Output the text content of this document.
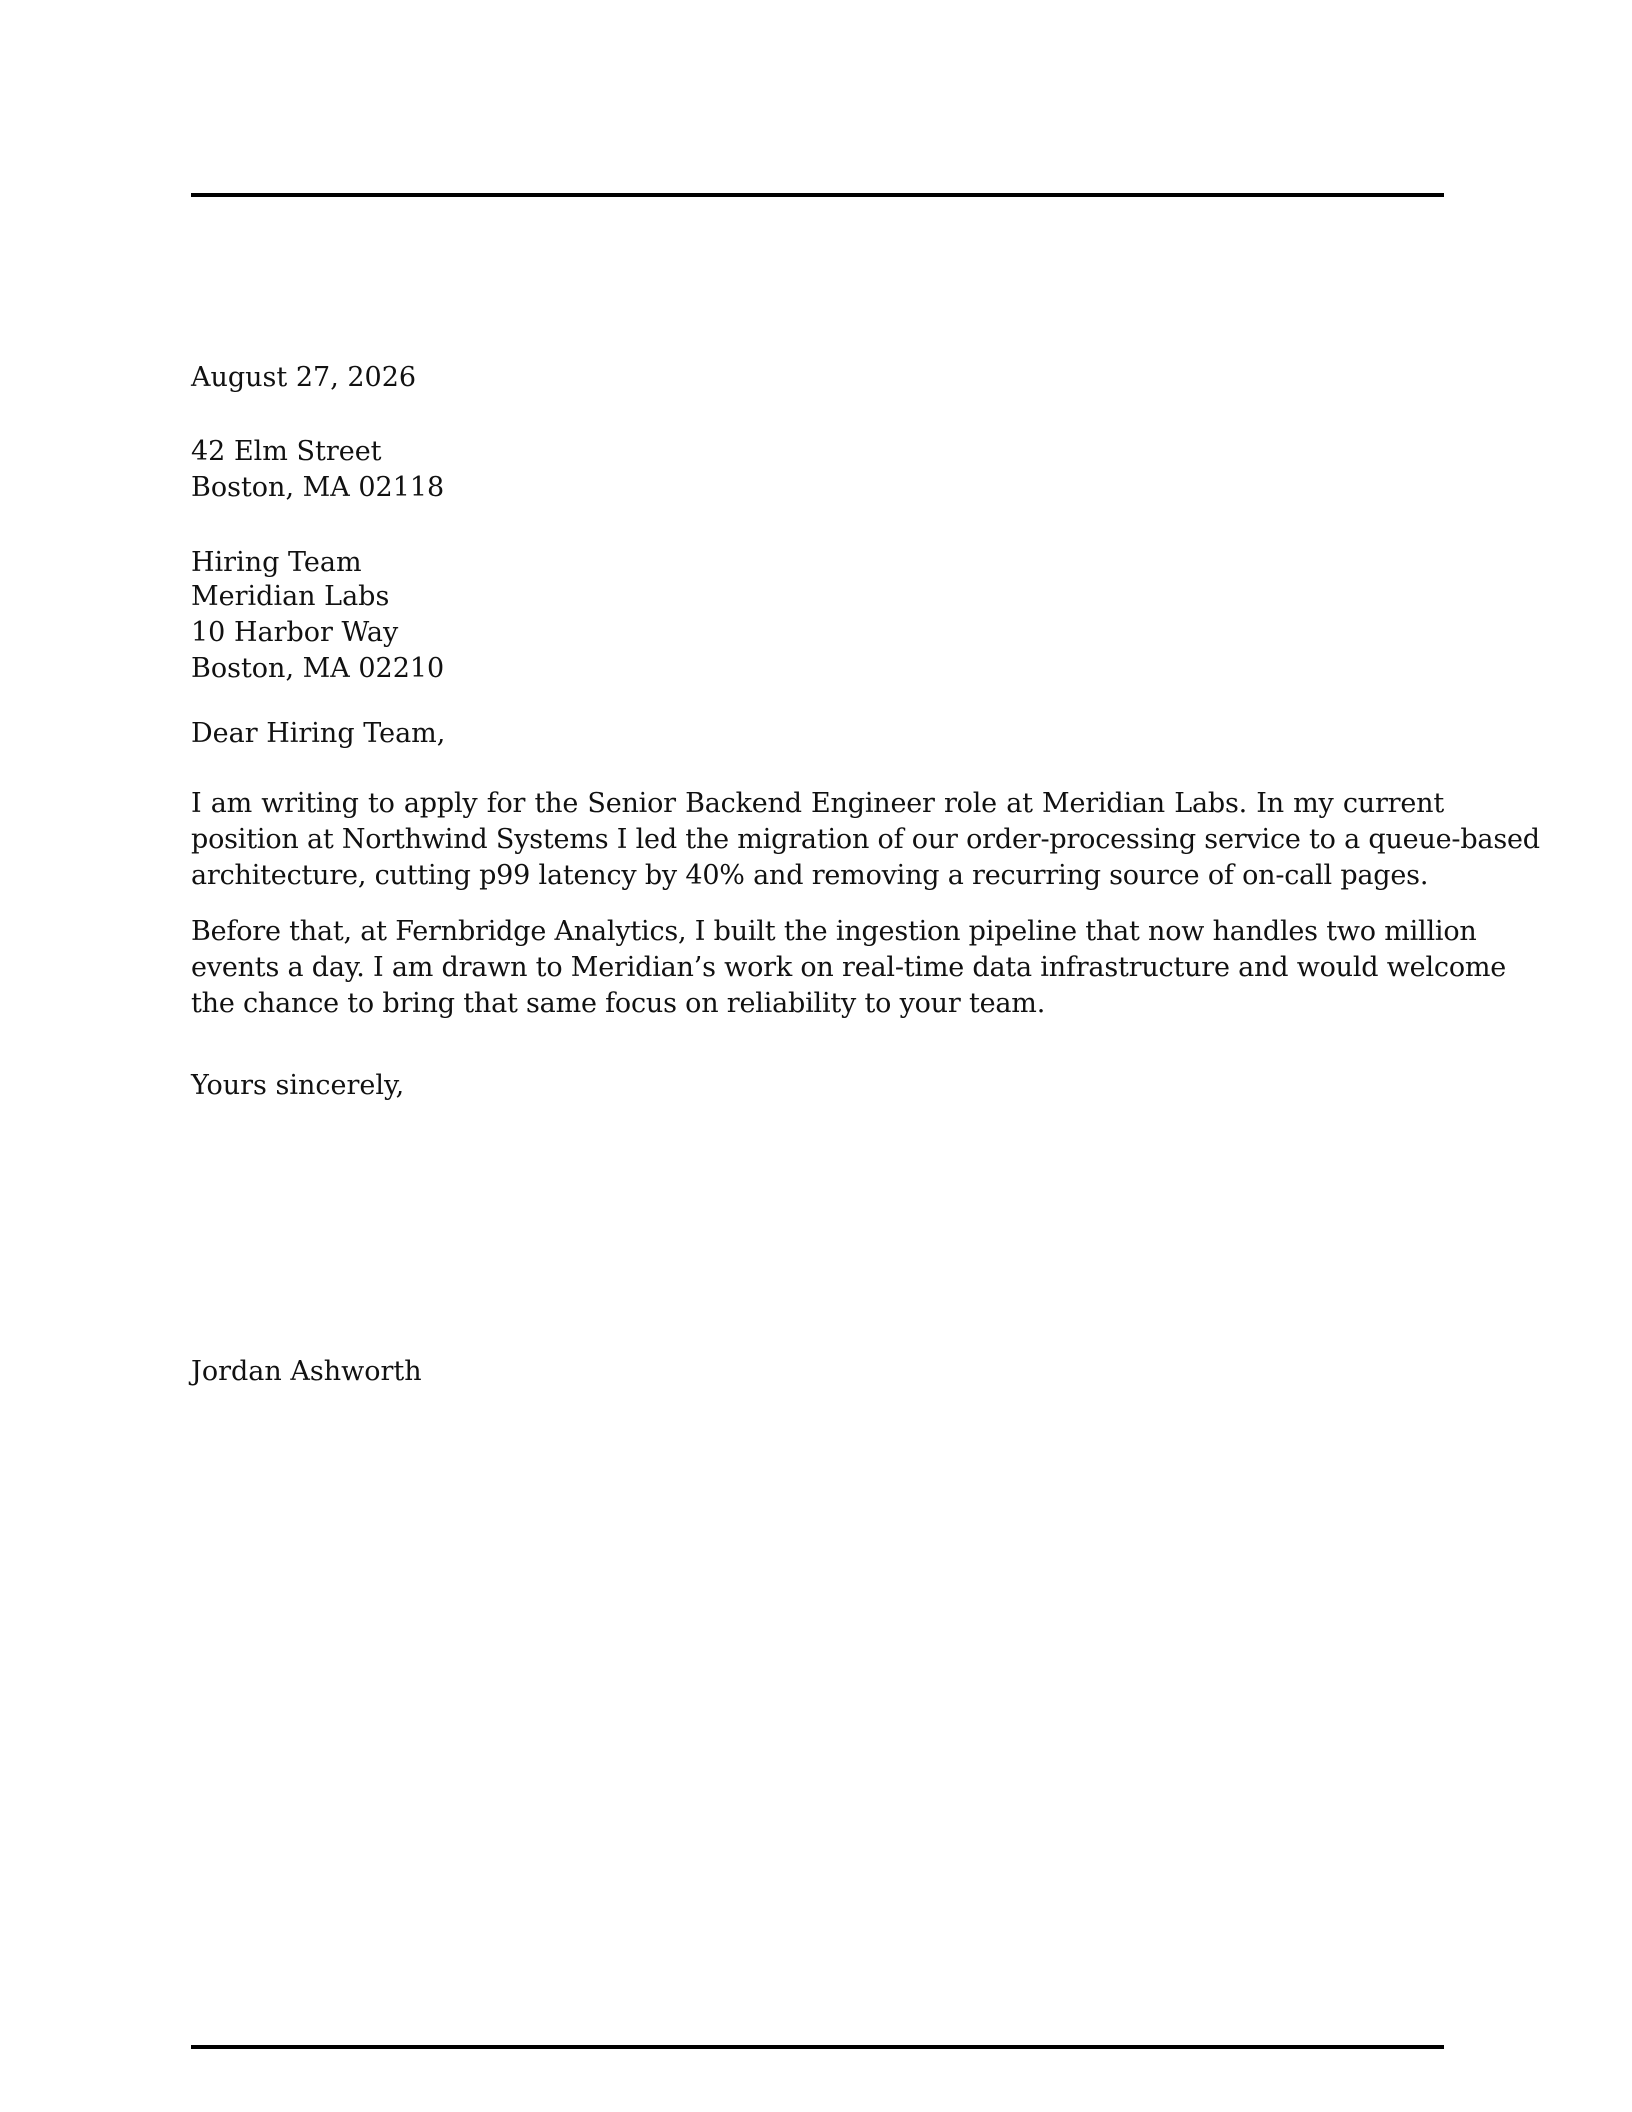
August 27, 2026
42 Elm Street
Boston, MA 02118
Hiring Team
Meridian Labs
10 Harbor Way
Boston, MA 02210
Dear Hiring Team,
I am writing to apply for the Senior Backend Engineer role at Meridian Labs. In my current
position at Northwind Systems I led the migration of our order-processing service to a queue-based
architecture, cutting p99 latency by 40% and removing a recurring source of on-call pages.
Before that, at Fernbridge Analytics, I built the ingestion pipeline that now handles two million
events a day. I am drawn to Meridian’s work on real-time data infrastructure and would welcome
the chance to bring that same focus on reliability to your team.
Yours sincerely,
Jordan Ashworth
